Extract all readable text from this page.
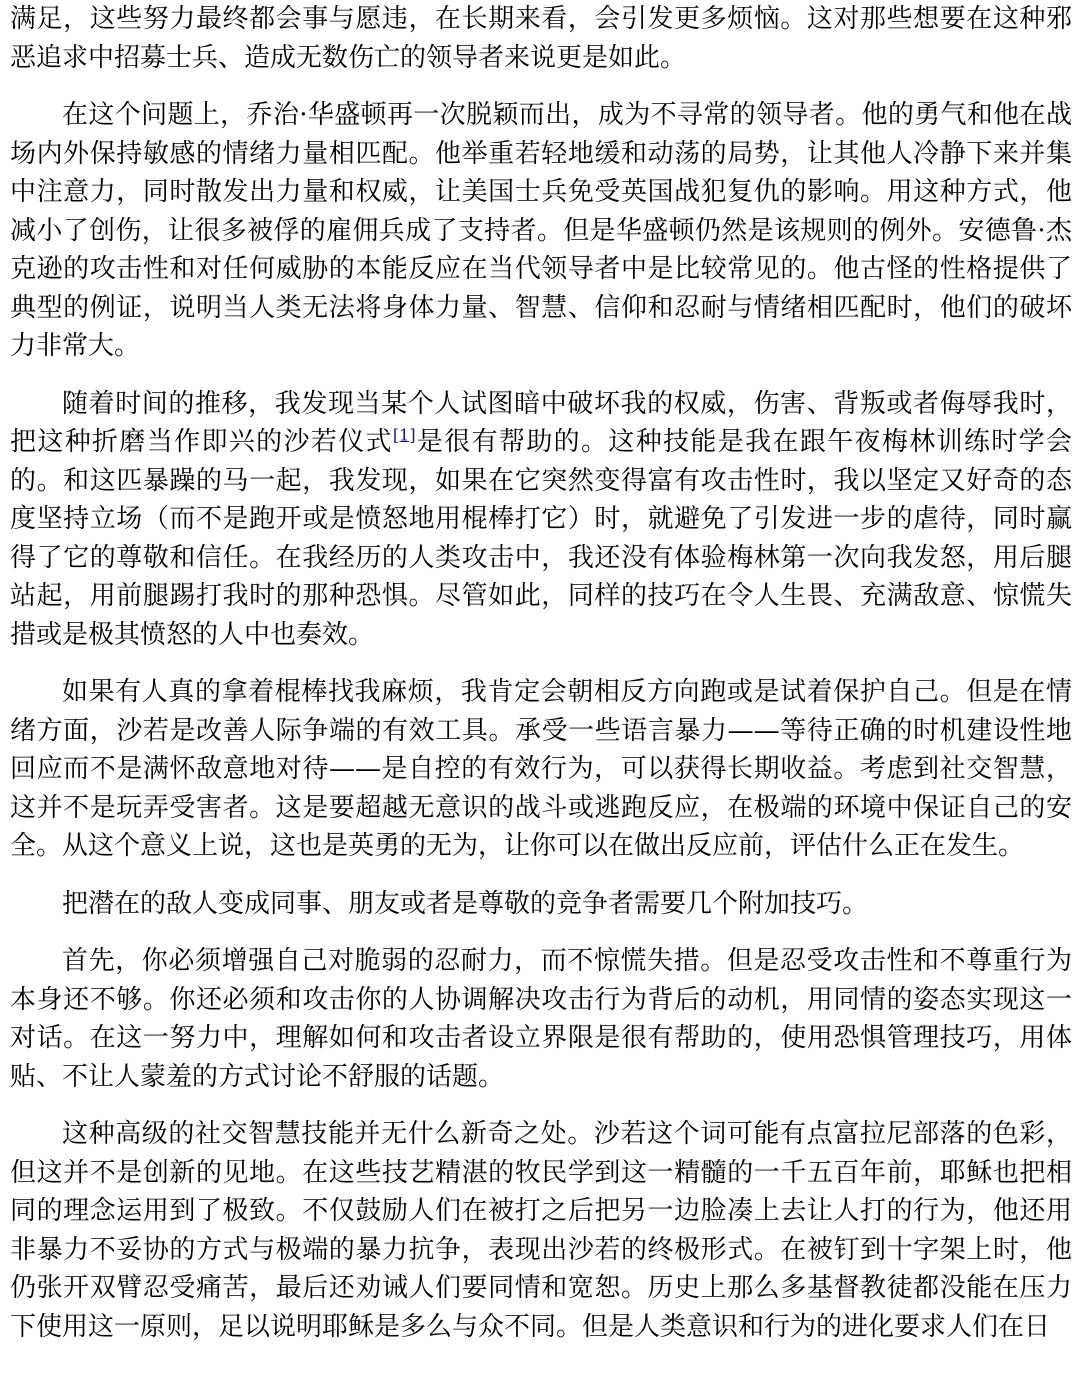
满足，这些努力最终都会事与愿违，在长期来看，会引发更多烦恼。这对那些想要在这种邪恶追求中招募士兵、造成无数伤亡的领导者来说更是如此。

在这个问题上，乔治·华盛顿再一次脱颖而出，成为不寻常的领导者。他的勇气和他在战场内外保持敏感的情绪力量相匹配。他举重若轻地缓和动荡的局势，让其他人冷静下来并集中注意力，同时散发出力量和权威，让美国士兵免受英国战犯复仇的影响。用这种方式，他减小了创伤，让很多被俘的雇佣兵成了支持者。但是华盛顿仍然是该规则的例外。安德鲁·杰克逊的攻击性和对任何威胁的本能反应在当代领导者中是比较常见的。他古怪的性格提供了典型的例证，说明当人类无法将身体力量、智慧、信仰和忍耐与情绪相匹配时，他们的破坏力非常大。

随着时间的推移，我发现当某个人试图暗中破坏我的权威，伤害、背叛或者侮辱我时，把这种折磨当作即兴的沙若仪式[1]是很有帮助的。这种技能是我在跟午夜梅林训练时学会的。和这匹暴躁的马一起，我发现，如果在它突然变得富有攻击性时，我以坚定又好奇的态度坚持立场（而不是跑开或是愤怒地用棍棒打它）时，就避免了引发进一步的虐待，同时赢得了它的尊敬和信任。在我经历的人类攻击中，我还没有体验梅林第一次向我发怒，用后腿站起，用前腿踢打我时的那种恐惧。尽管如此，同样的技巧在令人生畏、充满敌意、惊慌失措或是极其愤怒的人中也奏效。

如果有人真的拿着棍棒找我麻烦，我肯定会朝相反方向跑或是试着保护自己。但是在情绪方面，沙若是改善人际争端的有效工具。承受一些语言暴力——等待正确的时机建设性地回应而不是满怀敌意地对待——是自控的有效行为，可以获得长期收益。考虑到社交智慧，这并不是玩弄受害者。这是要超越无意识的战斗或逃跑反应，在极端的环境中保证自己的安全。从这个意义上说，这也是英勇的无为，让你可以在做出反应前，评估什么正在发生。

把潜在的敌人变成同事、朋友或者是尊敬的竞争者需要几个附加技巧。

首先，你必须增强自己对脆弱的忍耐力，而不惊慌失措。但是忍受攻击性和不尊重行为本身还不够。你还必须和攻击你的人协调解决攻击行为背后的动机，用同情的姿态实现这一对话。在这一努力中，理解如何和攻击者设立界限是很有帮助的，使用恐惧管理技巧，用体贴、不让人蒙羞的方式讨论不舒服的话题。

这种高级的社交智慧技能并无什么新奇之处。沙若这个词可能有点富拉尼部落的色彩，但这并不是创新的见地。在这些技艺精湛的牧民学到这一精髓的一千五百年前，耶稣也把相同的理念运用到了极致。不仅鼓励人们在被打之后把另一边脸凑上去让人打的行为，他还用非暴力不妥协的方式与极端的暴力抗争，表现出沙若的终极形式。在被钉到十字架上时，他仍张开双臂忍受痛苦，最后还劝诫人们要同情和宽恕。历史上那么多基督教徒都没能在压力下使用这一原则，足以说明耶稣是多么与众不同。但是人类意识和行为的进化要求人们在日
